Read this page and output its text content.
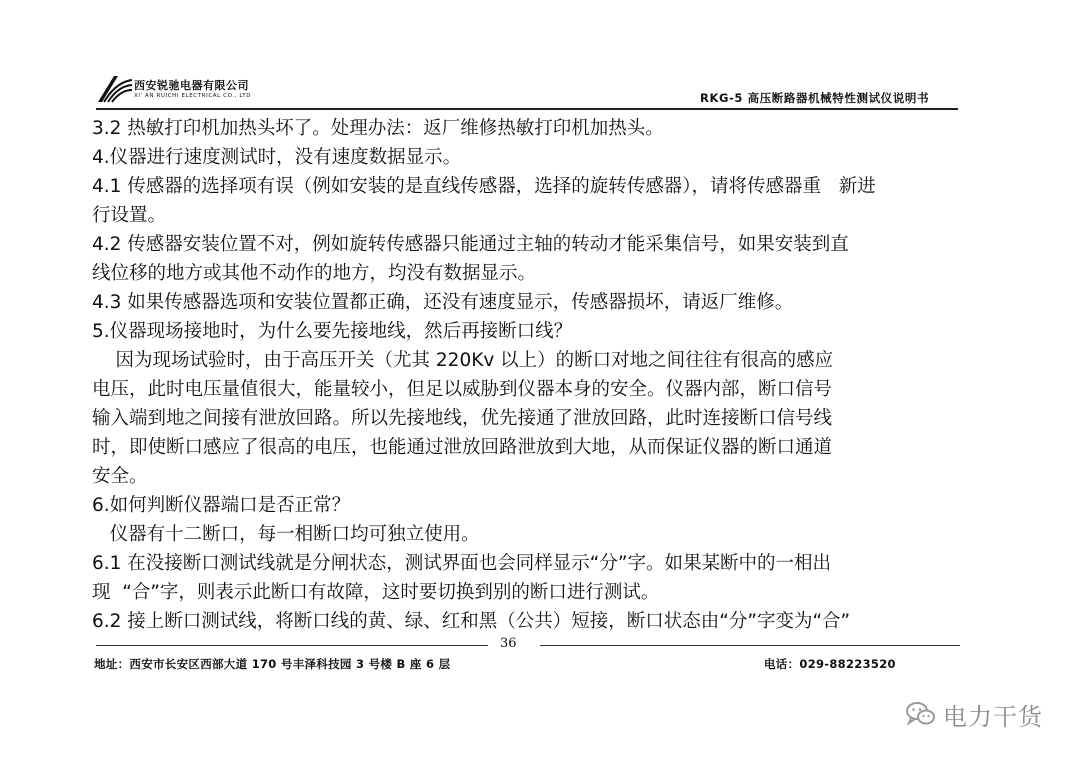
西安锐驰电器有限公司
XI' AN RUICHI ELECTRICAL CO., LTD	RKG-5 高压断路器机械特性测试仪说明书
3.2 热敏打印机加热头坏了。处理办法：返厂维修热敏打印机加热头。
4.仪器进行速度测试时，没有速度数据显示。
4.1 传感器的选择项有误（例如安装的是直线传感器，选择的旋转传感器），请将传感器重   新进
行设置。
4.2 传感器安装位置不对，例如旋转传感器只能通过主轴的转动才能采集信号，如果安装到直
线位移的地方或其他不动作的地方，均没有数据显示。
4.3 如果传感器选项和安装位置都正确，还没有速度显示，传感器损坏，请返厂维修。
5.仪器现场接地时，为什么要先接地线，然后再接断口线？
因为现场试验时，由于高压开关（尤其 220Kv 以上）的断口对地之间往往有很高的感应
电压，此时电压量值很大，能量较小，但足以威胁到仪器本身的安全。仪器内部，断口信号
输入端到地之间接有泄放回路。所以先接地线，优先接通了泄放回路，此时连接断口信号线
时，即使断口感应了很高的电压，也能通过泄放回路泄放到大地，从而保证仪器的断口通道
安全。
6.如何判断仪器端口是否正常？
仪器有十二断口，每一相断口均可独立使用。
6.1 在没接断口测试线就是分闸状态，测试界面也会同样显示“分”字。如果某断中的一相出
现  “合”字，则表示此断口有故障，这时要切换到别的断口进行测试。
6.2 接上断口测试线，将断口线的黄、绿、红和黑（公共）短接，断口状态由“分”字变为“合”
36
地址：西安市长安区西部大道 170 号丰泽科技园 3 号楼 B 座 6 层	电话：029-88223520
电力干货
